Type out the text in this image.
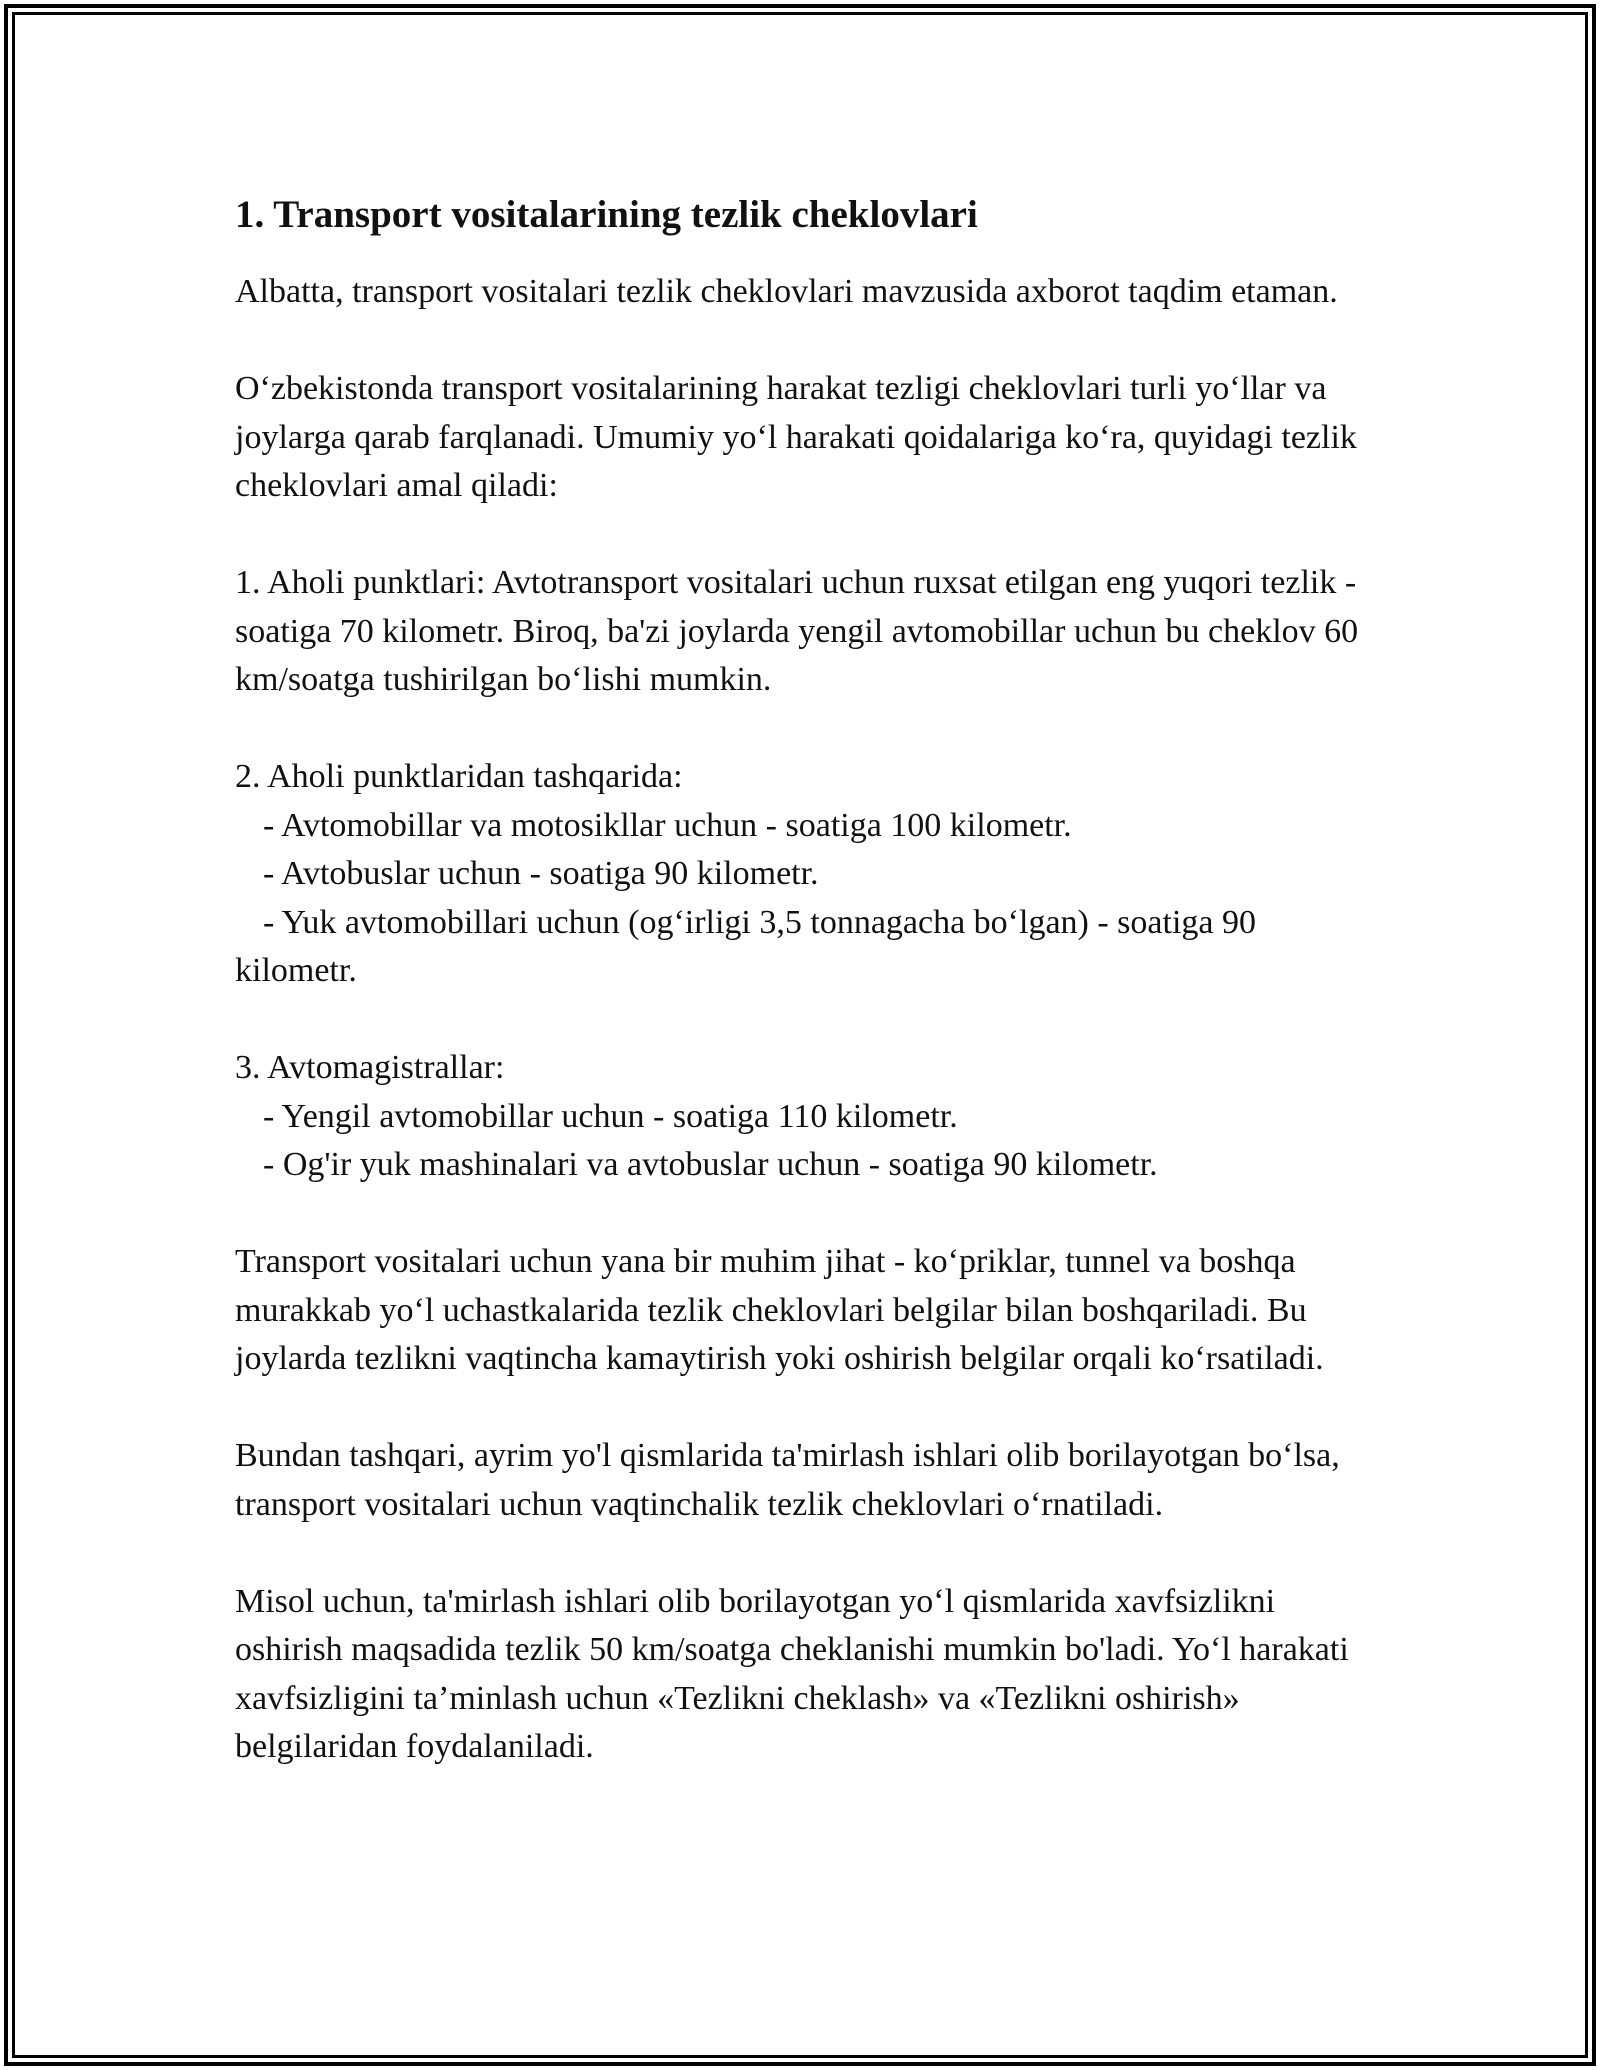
1. Transport vositalarining tezlik cheklovlari

Albatta, transport vositalari tezlik cheklovlari mavzusida axborot taqdim etaman.

O‘zbekistonda transport vositalarining harakat tezligi cheklovlari turli yo‘llar va joylarga qarab farqlanadi. Umumiy yo‘l harakati qoidalariga ko‘ra, quyidagi tezlik cheklovlari amal qiladi:

1. Aholi punktlari: Avtotransport vositalari uchun ruxsat etilgan eng yuqori tezlik - soatiga 70 kilometr. Biroq, ba'zi joylarda yengil avtomobillar uchun bu cheklov 60 km/soatga tushirilgan bo‘lishi mumkin.

2. Aholi punktlaridan tashqarida:

- Avtomobillar va motosikllar uchun - soatiga 100 kilometr.

- Avtobuslar uchun - soatiga 90 kilometr.

- Yuk avtomobillari uchun (og‘irligi 3,5 tonnagacha bo‘lgan) - soatiga 90 kilometr.

3. Avtomagistrallar:

- Yengil avtomobillar uchun - soatiga 110 kilometr.

- Og'ir yuk mashinalari va avtobuslar uchun - soatiga 90 kilometr.

Transport vositalari uchun yana bir muhim jihat - ko‘priklar, tunnel va boshqa murakkab yo‘l uchastkalarida tezlik cheklovlari belgilar bilan boshqariladi. Bu joylarda tezlikni vaqtincha kamaytirish yoki oshirish belgilar orqali ko‘rsatiladi.

Bundan tashqari, ayrim yo'l qismlarida ta'mirlash ishlari olib borilayotgan bo‘lsa, transport vositalari uchun vaqtinchalik tezlik cheklovlari o‘rnatiladi.

Misol uchun, ta'mirlash ishlari olib borilayotgan yo‘l qismlarida xavfsizlikni oshirish maqsadida tezlik 50 km/soatga cheklanishi mumkin bo'ladi. Yo‘l harakati xavfsizligini ta’minlash uchun «Tezlikni cheklash» va «Tezlikni oshirish» belgilaridan foydalaniladi.
